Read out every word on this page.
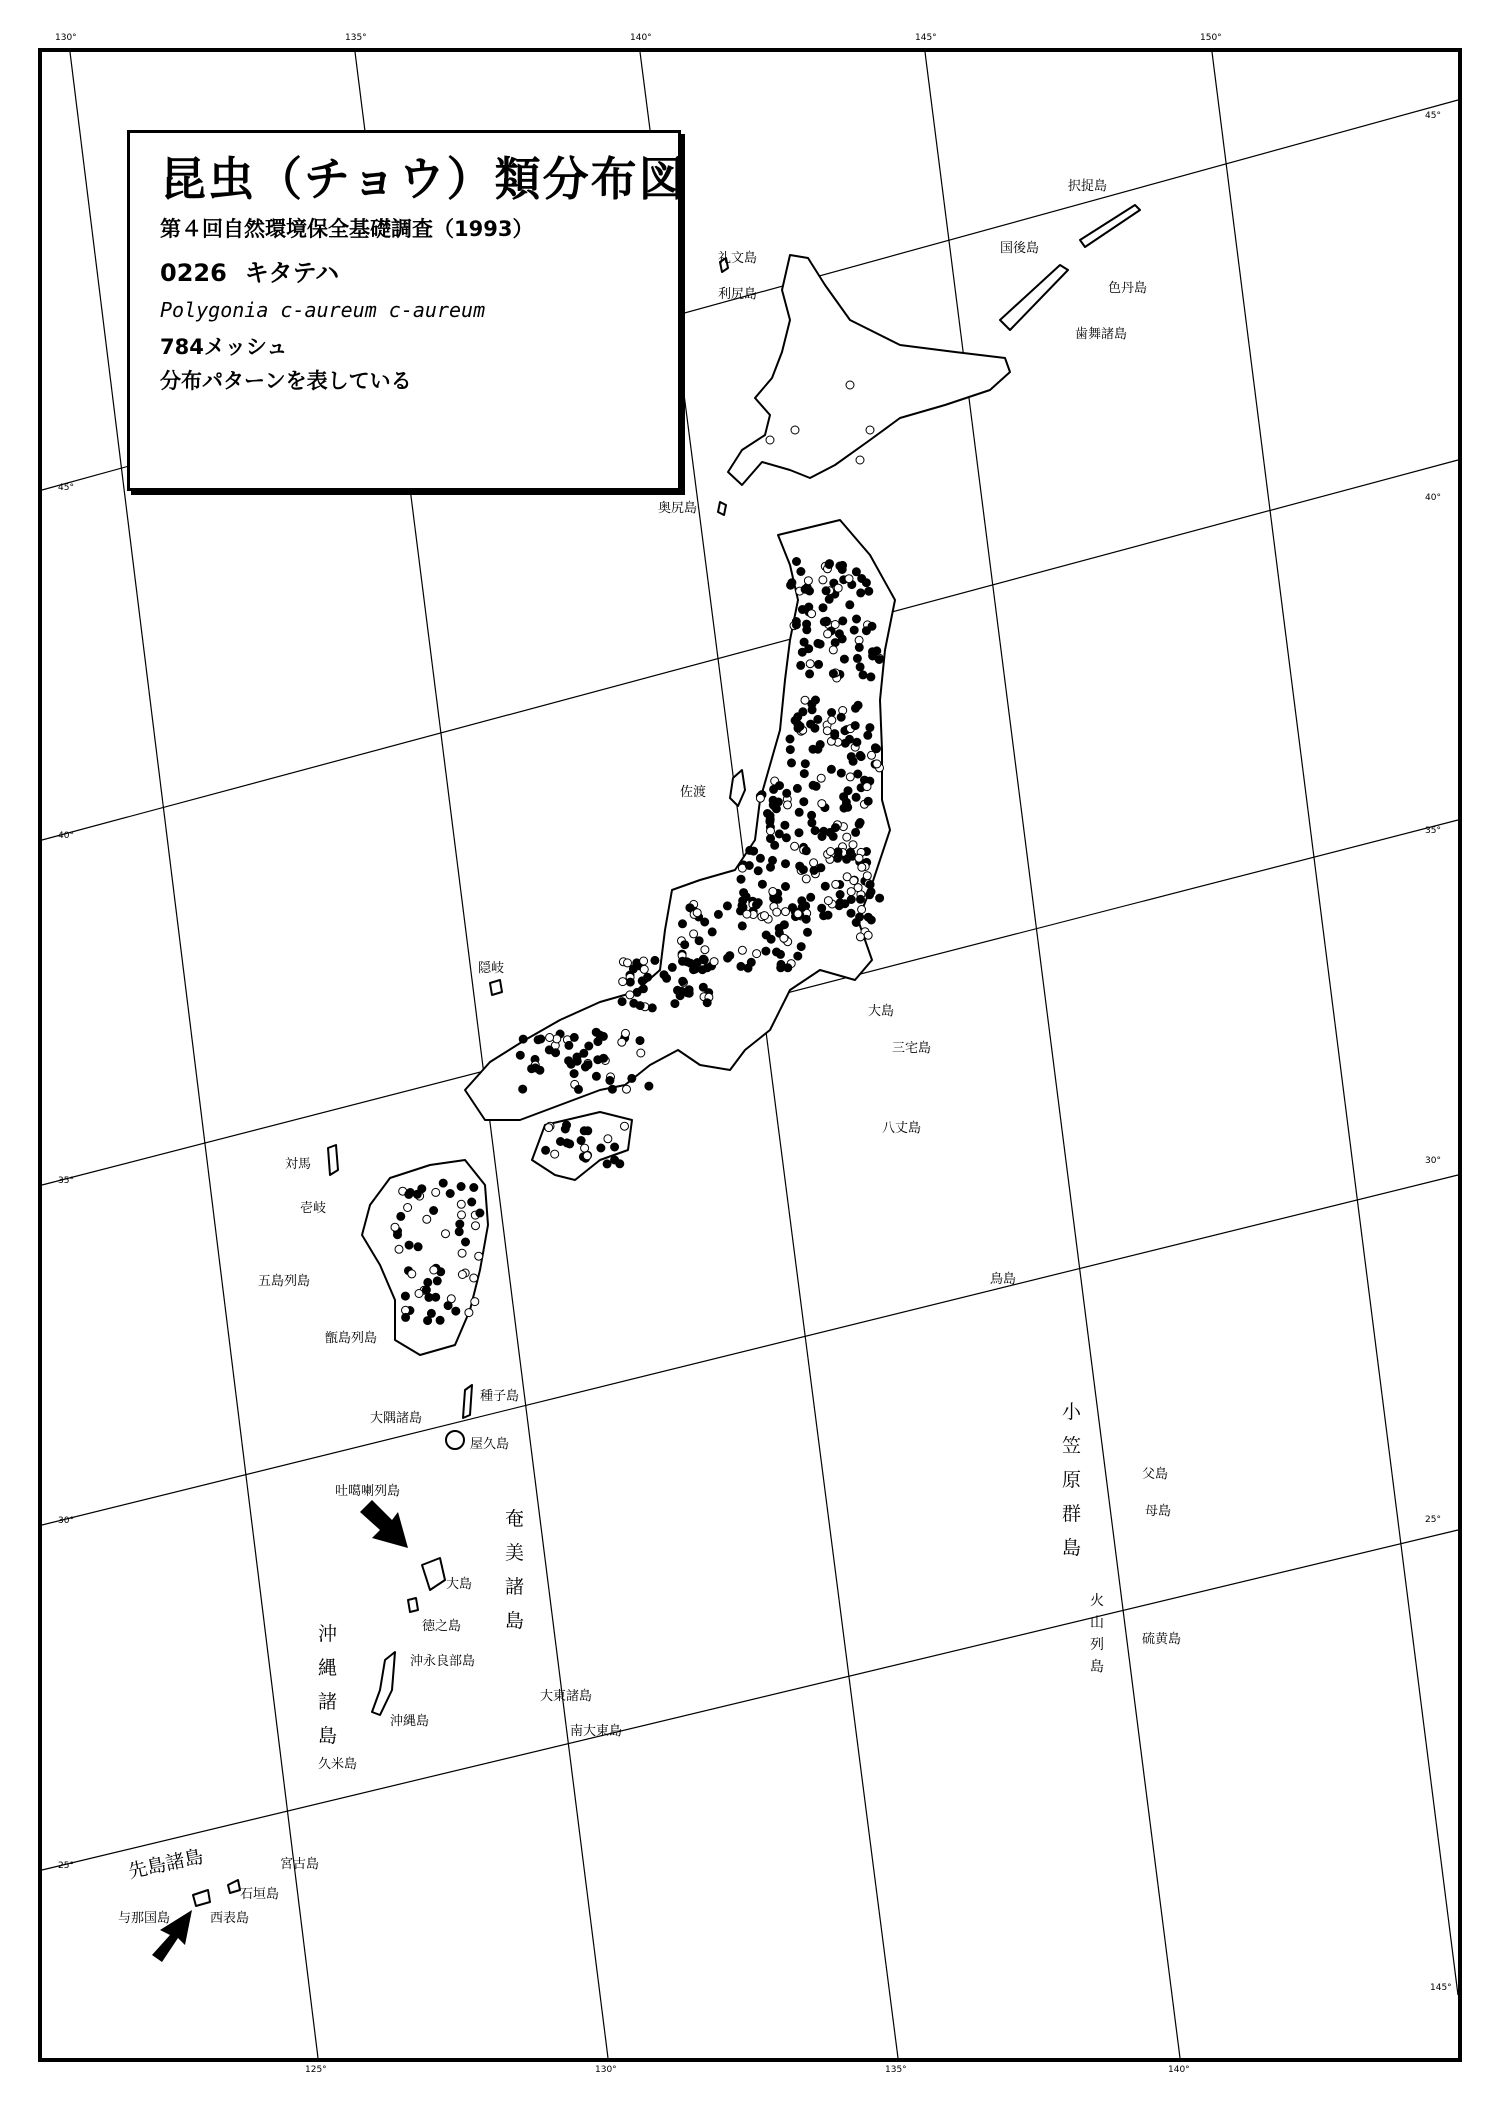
130°	135°	140°	145°	150°
125°	130°	135°	140°
145°
45°
40°
35°
30°
25°
45°
40°
35°
30°
25°
択捉島
国後島
色丹島
歯舞諸島
礼文島
利尻島
奥尻島
佐渡
隠岐
大島
三宅島
八丈島
鳥島
対馬
壱岐
五島列島
甑島列島
種子島
大隅諸島
屋久島
吐噶喇列島
大島
徳之島
沖永良部島
沖縄島
久米島
大東諸島
南大東島
父島
母島
硫黄島
宮古島
石垣島
西表島
与那国島
奄美諸島
沖縄諸島
小笠原群島
火山列島
先島諸島
昆虫（チョウ）類分布図
第４回自然環境保全基礎調査（1993）
0226 キタテハ
Polygonia c-aureum c-aureum
784メッシュ
分布パターンを表している
